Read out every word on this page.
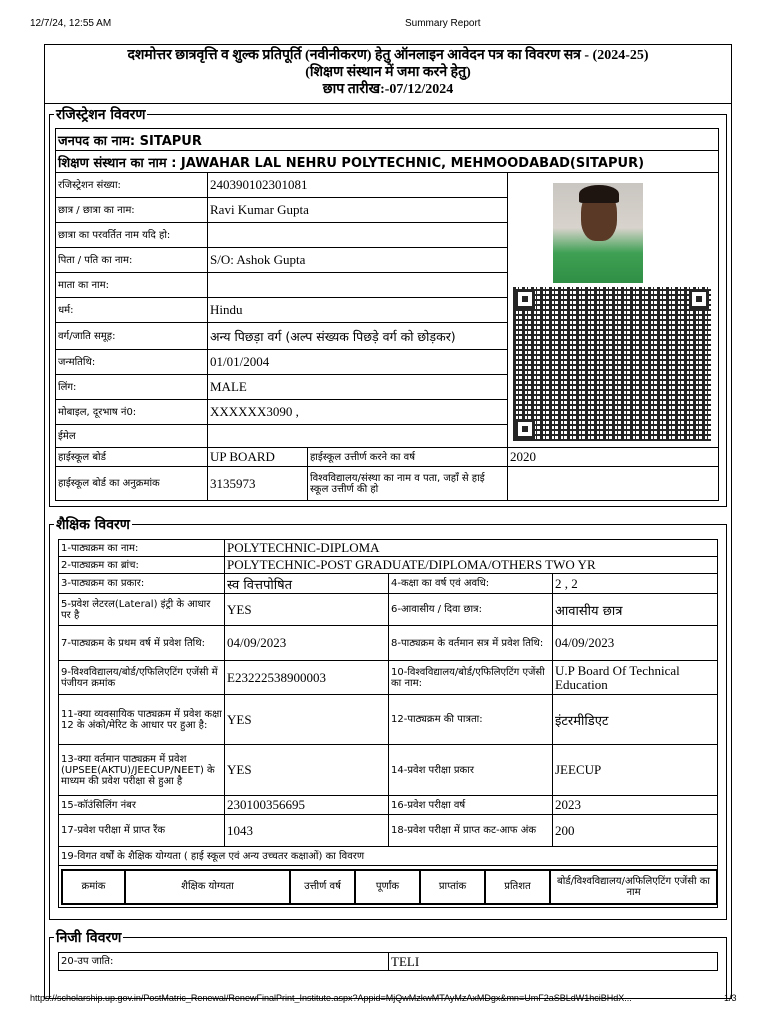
12/7/24, 12:55 AM	Summary Report
दशमोत्तर छात्रवृत्ति व शुल्क प्रतिपूर्ति (नवीनीकरण) हेतु ऑनलाइन आवेदन पत्र का विवरण सत्र - (2024-25)
(शिक्षण संस्थान में जमा करने हेतु)
छाप तारीख:-07/12/2024
रजिस्ट्रेशन विवरण
जनपद का नाम: SITAPUR			
शिक्षण संस्थान का नाम : JAWAHAR LAL NEHRU POLYTECHNIC, MEHMOODABAD(SITAPUR)			
रजिस्ट्रेशन संख्या:	240390102301081		
छात्र / छात्रा का नाम:	Ravi Kumar Gupta		
छात्रा का परवर्तित नाम यदि हो:			
पिता / पति का नाम:	S/O: Ashok Gupta		
माता का नाम:			
धर्म:	Hindu		
वर्ग/जाति समूह:	अन्य पिछड़ा वर्ग (अल्प संख्यक पिछड़े वर्ग को छोड़कर)		
जन्मतिथि:	01/01/2004		
लिंग:	MALE		
मोबाइल, दूरभाष नं0:	XXXXXX3090 ,		
ईमेल			
हाईस्कूल बोर्ड	UP BOARD	हाईस्कूल उत्तीर्ण करने का वर्ष	2020
हाईस्कूल बोर्ड का अनुक्रमांक	3135973	विश्वविद्यालय/संस्था का नाम व पता, जहाँ से हाई स्कूल उत्तीर्ण की हो	
शैक्षिक विवरण
1-पाठ्यक्रम का नाम:	POLYTECHNIC-DIPLOMA
2-पाठ्यक्रम का ब्रांच:	POLYTECHNIC-POST GRADUATE/DIPLOMA/OTHERS TWO YR
3-पाठ्यक्रम का प्रकार:	स्व वित्तपोषित	4-कक्षा का वर्ष एवं अवधि:	2 , 2
5-प्रवेश लेटरल(Lateral) इंट्री के आधार पर है	YES	6-आवासीय / दिवा छात्र:	आवासीय छात्र
7-पाठ्यक्रम के प्रथम वर्ष में प्रवेश तिथि:	04/09/2023	8-पाठ्यक्रम के वर्तमान सत्र में प्रवेश तिथि:	04/09/2023
9-विश्वविद्यालय/बोर्ड/एफिलिएटिंग एजेंसी में पंजीयन क्रमांक	E23222538900003	10-विश्वविद्यालय/बोर्ड/एफिलिएटिंग एजेंसी का नाम:	U.P Board Of Technical Education
11-क्या व्यवसायिक पाठ्यक्रम में प्रवेश कक्षा 12 के अंको/मेरिट के आधार पर हुआ है:	YES	12-पाठ्यक्रम की पात्रता:	इंटरमीडिएट
13-क्या वर्तमान पाठ्यक्रम में प्रवेश (UPSEE(AKTU)/JEECUP/NEET) के माध्यम की प्रवेश परीक्षा से हुआ है	YES	14-प्रवेश परीक्षा प्रकार	JEECUP
15-कॉउंसिलिंग नंबर	230100356695	16-प्रवेश परीक्षा वर्ष	2023
17-प्रवेश परीक्षा में प्राप्त रैंक	1043	18-प्रवेश परीक्षा में प्राप्त कट-आफ अंक	200
19-विगत वर्षों के शैक्षिक योग्यता ( हाई स्कूल एवं अन्य उच्चतर कक्षाओं) का विवरण

क्रमांक	शैक्षिक योग्यता	उत्तीर्ण वर्ष	पूर्णांक	प्राप्तांक	प्रतिशत	बोर्ड/विश्वविद्यालय/अफिलिएटिंग एजेंसी का नाम
निजी विवरण
20-उप जाति:	TELI
https://scholarship.up.gov.in/PostMatric_Renewal/RenewFinalPrint_Institute.aspx?Appid=MjQwMzkwMTAyMzAxMDgx&mn=UmF2aSBLdW1hciBHdX...	1/3
